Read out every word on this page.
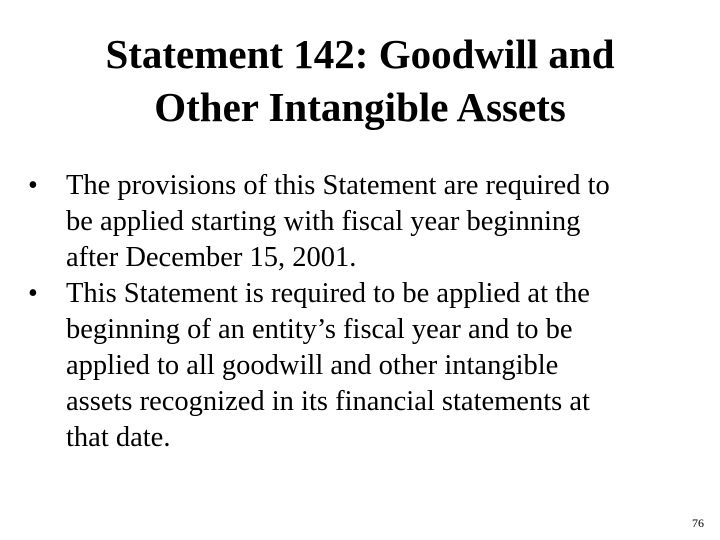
Statement 142: Goodwill and
Other Intangible Assets
• The provisions of this Statement are required to
be applied starting with fiscal year beginning
after December 15, 2001.
• This Statement is required to be applied at the
beginning of an entity’s fiscal year and to be
applied to all goodwill and other intangible
assets recognized in its financial statements at
that date.
76
